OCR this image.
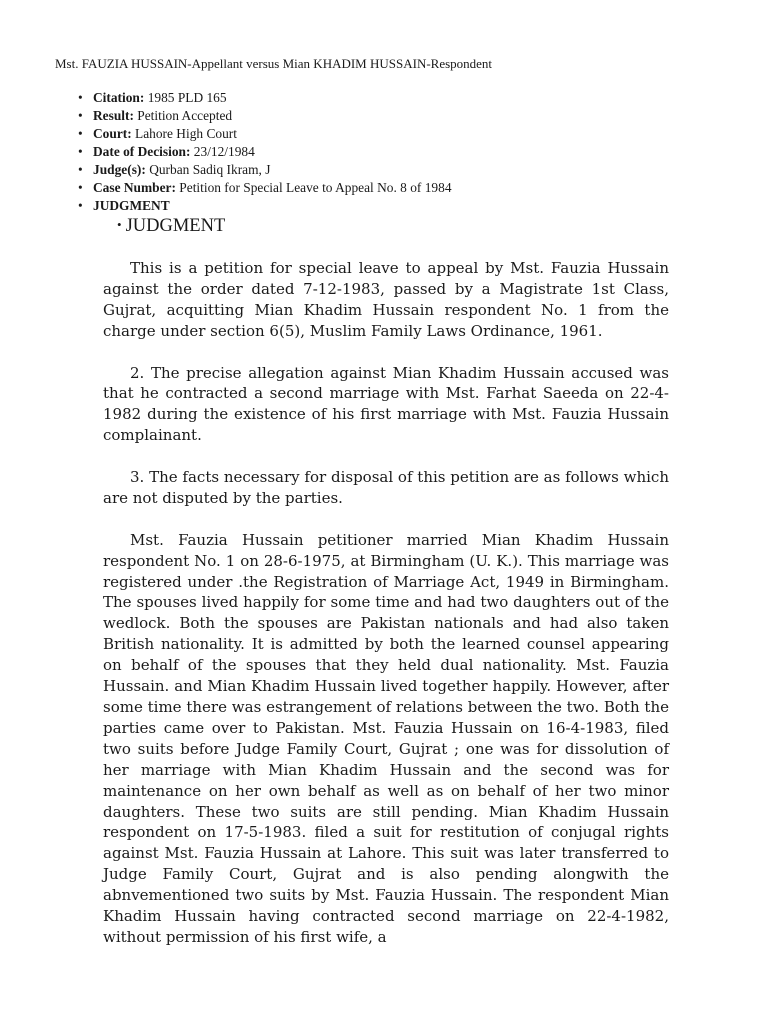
Mst. FAUZIA HUSSAIN-Appellant versus Mian KHADIM HUSSAIN-Respondent
• Citation: 1985 PLD 165
• Result: Petition Accepted
• Court: Lahore High Court
• Date of Decision: 23/12/1984
• Judge(s): Qurban Sadiq Ikram, J
• Case Number: Petition for Special Leave to Appeal No. 8 of 1984
• JUDGMENT
• JUDGMENT

This is a petition for special leave to appeal by Mst. Fauzia Hussain against the order dated 7-12-1983, passed by a Magistrate 1st Class, Gujrat, acquitting Mian Khadim Hussain respondent No. 1 from the charge under section 6(5), Muslim Family Laws Ordinance, 1961.

2. The precise allegation against Mian Khadim Hussain accused was that he contracted a second marriage with Mst. Farhat Saeeda on 22-4-1982 during the existence of his first marriage with Mst. Fauzia Hussain complainant.

3. The facts necessary for disposal of this petition are as follows which are not disputed by the parties.

Mst. Fauzia Hussain petitioner married Mian Khadim Hussain respondent No. 1 on 28-6-1975, at Birmingham (U. K.). This marriage was registered under .the Registration of Marriage Act, 1949 in Birmingham. The spouses lived happily for some time and had two daughters out of the wedlock. Both the spouses are Pakistan nationals and had also taken British nationality. It is admitted by both the learned counsel appearing on behalf of the spouses that they held dual nationality. Mst. Fauzia Hussain. and Mian Khadim Hussain lived together happily. However, after some time there was estrangement of relations between the two. Both the parties came over to Pakistan. Mst. Fauzia Hussain on 16-4-1983, filed two suits before Judge Family Court, Gujrat ; one was for dissolution of her marriage with Mian Khadim Hussain and the second was for maintenance on her own behalf as well as on behalf of her two minor daughters. These two suits are still pending. Mian Khadim Hussain respondent on 17-5-1983. filed a suit for restitution of conjugal rights against Mst. Fauzia Hussain at Lahore. This suit was later transferred to Judge Family Court, Gujrat and is also pending alongwith the abnvementioned two suits by Mst. Fauzia Hussain. The respondent Mian Khadim Hussain having contracted second marriage on 22-4-1982, without permission of his first wife, a
